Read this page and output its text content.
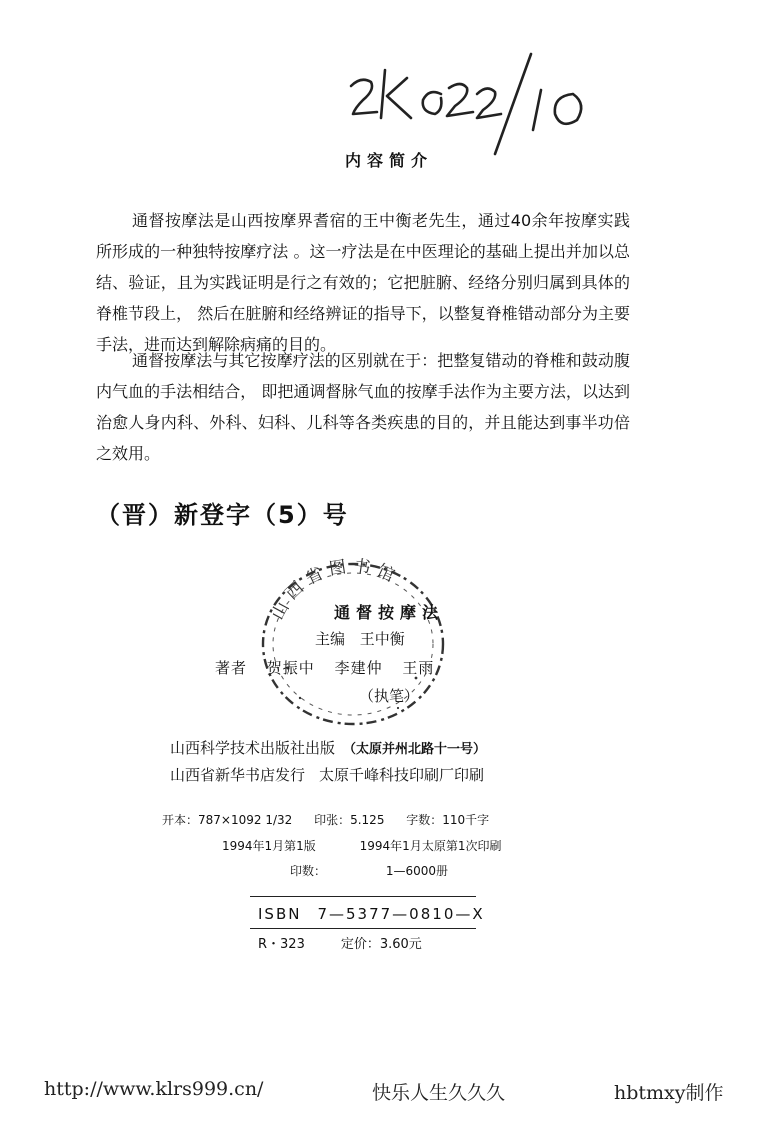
内容简介

通督按摩法是山西按摩界耆宿的王中衡老先生，通过40余年按摩实践所形成的一种独特按摩疗法 。这一疗法是在中医理论的基础上提出并加以总结、验证，且为实践证明是行之有效的；它把脏腑、经络分别归属到具体的脊椎节段上， 然后在脏腑和经络辨证的指导下，以整复脊椎错动部分为主要手法，进而达到解除病痛的目的。

通督按摩法与其它按摩疗法的区别就在于：把整复错动的脊椎和鼓动腹内气血的手法相结合， 即把通调督脉气血的按摩手法作为主要方法，以达到治愈人身内科、外科、妇科、儿科等各类疾患的目的，并且能达到事半功倍之效用。

（晋）新登字（5）号
山西省图书馆
通督按摩法
主编 王中衡
著者 贺振中 李建仲 王雨
（执笔）
山西科学技术出版社出版 （太原并州北路十一号）
山西省新华书店发行 太原千峰科技印刷厂印刷
开本：787×1092 1/32 印张：5.125 字数：110千字
1994年1月第1版	1994年1月太原第1次印刷
印数：	1—6000册
ISBN 7—5377—0810—X
R・323	定价：3.60元
http://www.klrs999.cn/	快乐人生久久久	hbtmxy制作
